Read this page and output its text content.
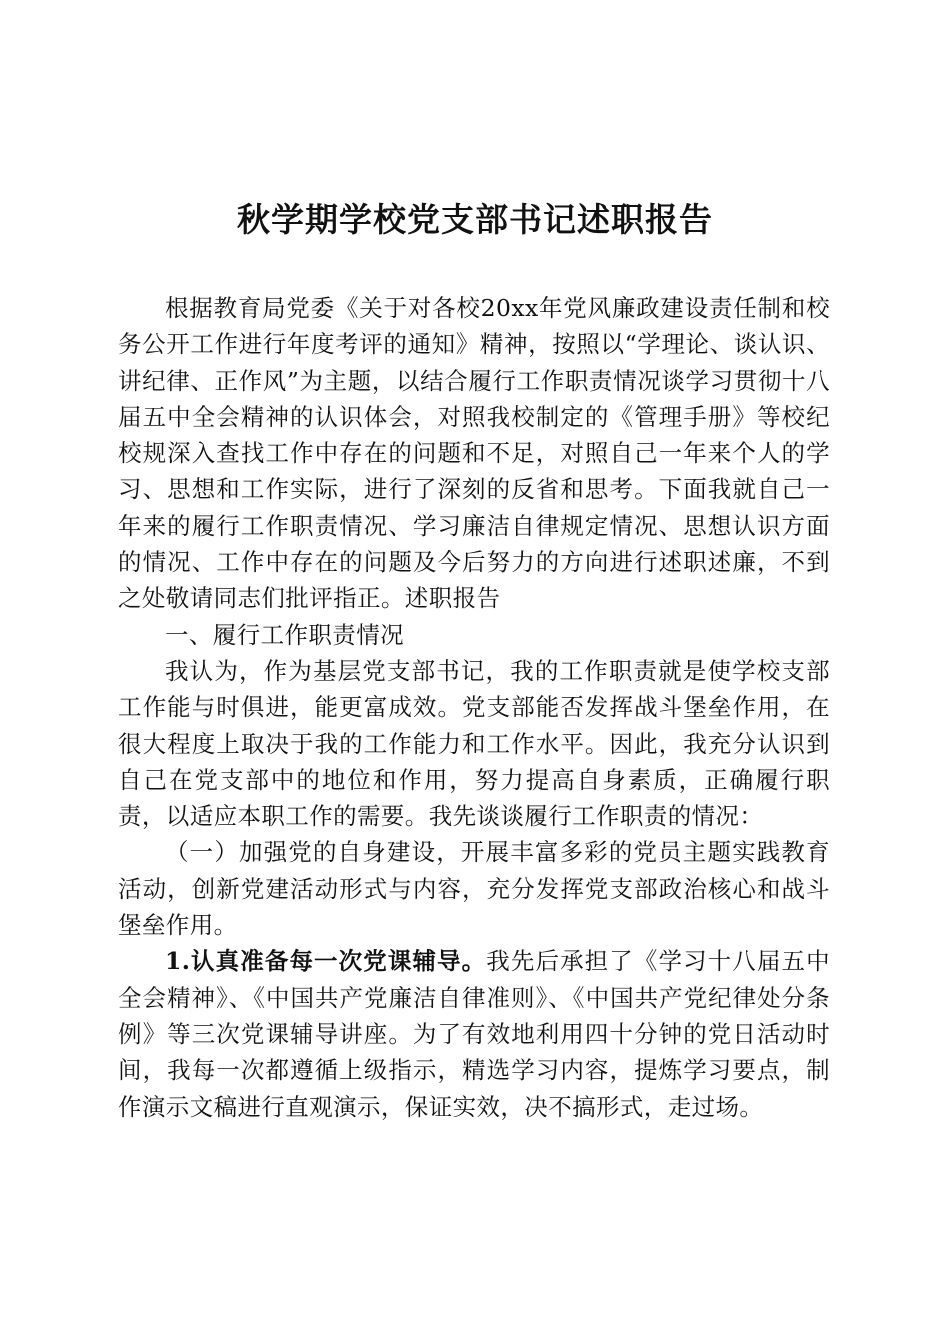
秋学期学校党支部书记述职报告

根据教育局党委《关于对各校20xx年党风廉政建设责任制和校务公开工作进行年度考评的通知》精神，按照以“学理论、谈认识、讲纪律、正作风”为主题，以结合履行工作职责情况谈学习贯彻十八届五中全会精神的认识体会，对照我校制定的《管理手册》等校纪校规深入查找工作中存在的问题和不足，对照自己一年来个人的学习、思想和工作实际，进行了深刻的反省和思考。下面我就自己一年来的履行工作职责情况、学习廉洁自律规定情况、思想认识方面的情况、工作中存在的问题及今后努力的方向进行述职述廉，不到之处敬请同志们批评指正。述职报告

一、履行工作职责情况

我认为，作为基层党支部书记，我的工作职责就是使学校支部工作能与时俱进，能更富成效。党支部能否发挥战斗堡垒作用，在很大程度上取决于我的工作能力和工作水平。因此，我充分认识到自己在党支部中的地位和作用，努力提高自身素质，正确履行职责，以适应本职工作的需要。我先谈谈履行工作职责的情况：

（一）加强党的自身建设，开展丰富多彩的党员主题实践教育活动，创新党建活动形式与内容，充分发挥党支部政治核心和战斗堡垒作用。

1.认真准备每一次党课辅导。我先后承担了《学习十八届五中全会精神》、《中国共产党廉洁自律准则》、《中国共产党纪律处分条例》等三次党课辅导讲座。为了有效地利用四十分钟的党日活动时间，我每一次都遵循上级指示，精选学习内容，提炼学习要点，制作演示文稿进行直观演示，保证实效，决不搞形式，走过场。
